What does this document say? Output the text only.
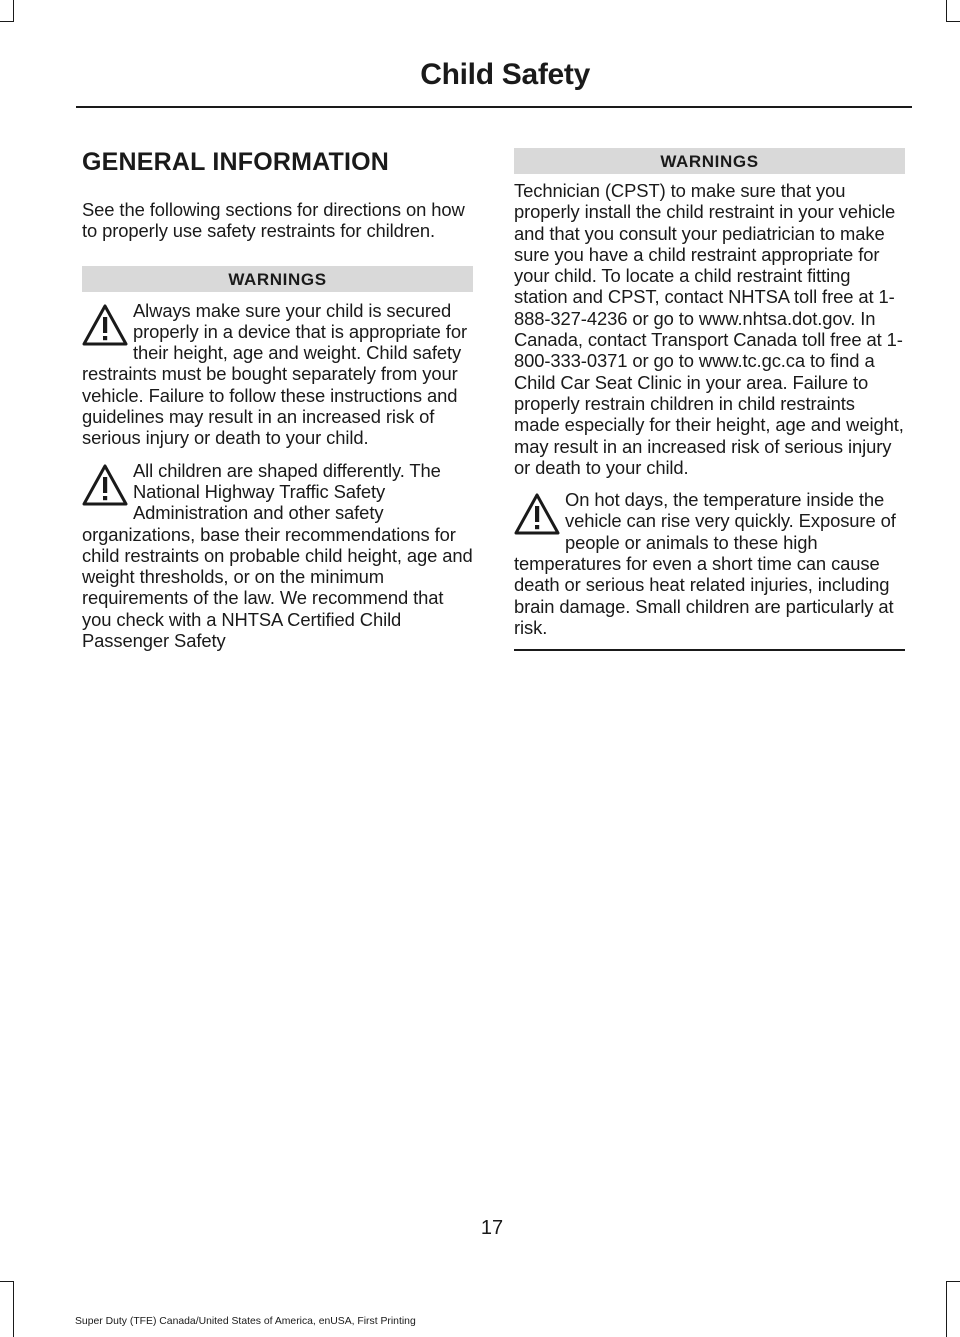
Child Safety
GENERAL INFORMATION

See the following sections for directions on how to properly use safety restraints for children.

WARNINGS

Always make sure your child is secured properly in a device that is appropriate for their height, age and weight. Child safety restraints must be bought separately from your vehicle. Failure to follow these instructions and guidelines may result in an increased risk of serious injury or death to your child.

All children are shaped differently. The National Highway Traffic Safety Administration and other safety organizations, base their recommendations for child restraints on probable child height, age and weight thresholds, or on the minimum requirements of the law. We recommend that you check with a NHTSA Certified Child Passenger Safety

WARNINGS

Technician (CPST) to make sure that you properly install the child restraint in your vehicle and that you consult your pediatrician to make sure you have a child restraint appropriate for your child. To locate a child restraint fitting station and CPST, contact NHTSA toll free at 1-888-327-4236 or go to www.nhtsa.dot.gov. In Canada, contact Transport Canada toll free at 1-800-333-0371 or go to www.tc.gc.ca to find a Child Car Seat Clinic in your area. Failure to properly restrain children in child restraints made especially for their height, age and weight, may result in an increased risk of serious injury or death to your child.

On hot days, the temperature inside the vehicle can rise very quickly. Exposure of people or animals to these high temperatures for even a short time can cause death or serious heat related injuries, including brain damage. Small children are particularly at risk.

17
Super Duty (TFE) Canada/United States of America, enUSA, First Printing
